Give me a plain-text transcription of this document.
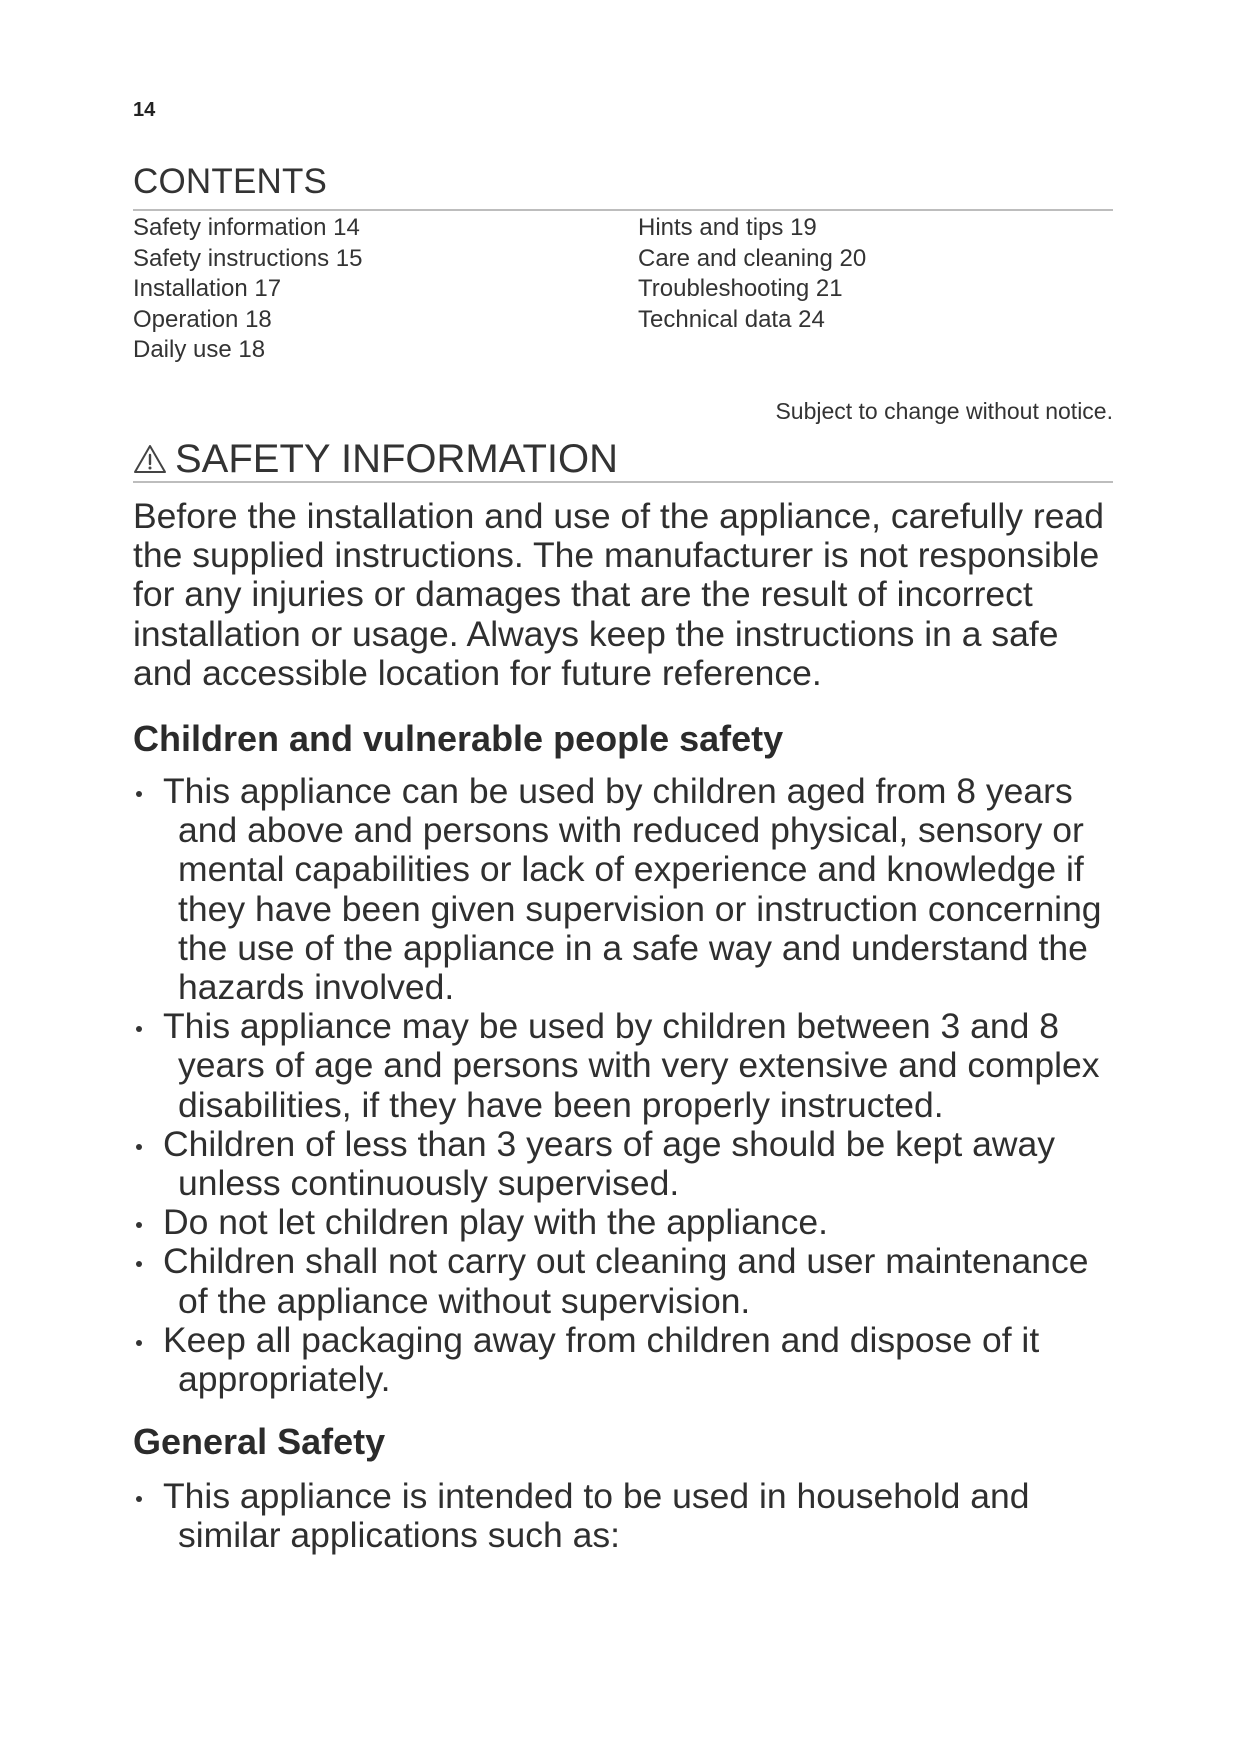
14
CONTENTS
Safety information 14
Safety instructions 15
Installation 17
Operation 18
Daily use 18
Hints and tips 19
Care and cleaning 20
Troubleshooting 21
Technical data 24
Subject to change without notice.
SAFETY INFORMATION

Before the installation and use of the appliance, carefully read the supplied instructions. The manufacturer is not responsible for any injuries or damages that are the result of incorrect installation or usage. Always keep the instructions in a safe and accessible location for future reference.

Children and vulnerable people safety
This appliance can be used by children aged from 8 years and above and persons with reduced physical, sensory or mental capabilities or lack of experience and knowledge if they have been given supervision or instruction concerning the use of the appliance in a safe way and understand the hazards involved.
This appliance may be used by children between 3 and 8 years of age and persons with very extensive and complex disabilities, if they have been properly instructed.
Children of less than 3 years of age should be kept away unless continuously supervised.
Do not let children play with the appliance.
Children shall not carry out cleaning and user maintenance of the appliance without supervision.
Keep all packaging away from children and dispose of it appropriately.
General Safety
This appliance is intended to be used in household and similar applications such as:
